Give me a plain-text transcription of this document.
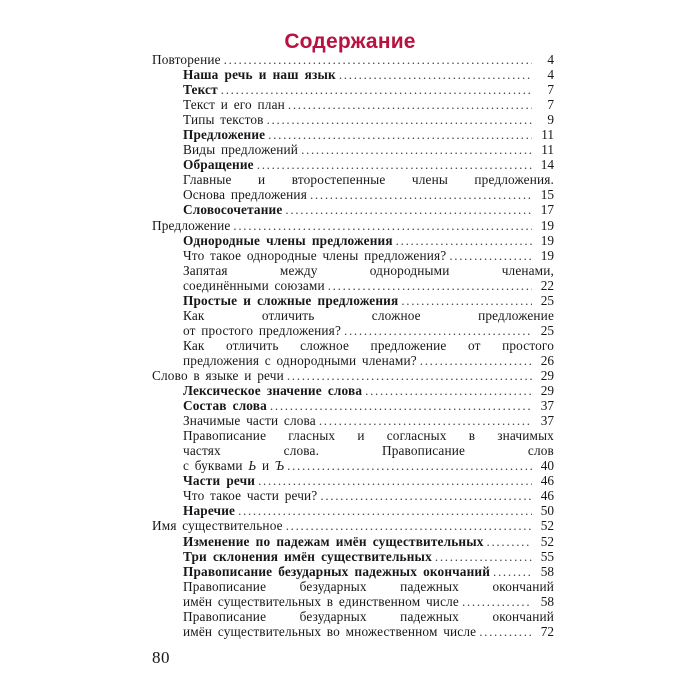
Содержание
Повторение .....	4
Наша речь и наш язык .....	4
Текст .....	7
Текст и его план .....	7
Типы текстов .....	9
Предложение .....	11
Виды предложений .....	11
Обращение .....	14
Главные и второстепенные члены предложения.
Основа предложения .....	15
Словосочетание .....	17
Предложение .....	19
Однородные члены предложения .....	19
Что такое однородные члены предложения? .....	19
Запятая между однородными членами,
соединёнными союзами .....	22
Простые и сложные предложения .....	25
Как отличить сложное предложение
от простого предложения? .....	25
Как отличить сложное предложение от простого
предложения с однородными членами? .....	26
Слово в языке и речи .....	29
Лексическое значение слова .....	29
Состав слова .....	37
Значимые части слова .....	37
Правописание гласных и согласных в значимых
частях слова. Правописание слов
с буквами Ь и Ъ .....	40
Части речи .....	46
Что такое части речи? .....	46
Наречие .....	50
Имя существительное .....	52
Изменение по падежам имён существительных .....	52
Три склонения имён существительных .....	55
Правописание безударных падежных окончаний .....	58
Правописание безударных падежных окончаний
имён существительных в единственном числе .....	58
Правописание безударных падежных окончаний
имён существительных во множественном числе .....	72
80
